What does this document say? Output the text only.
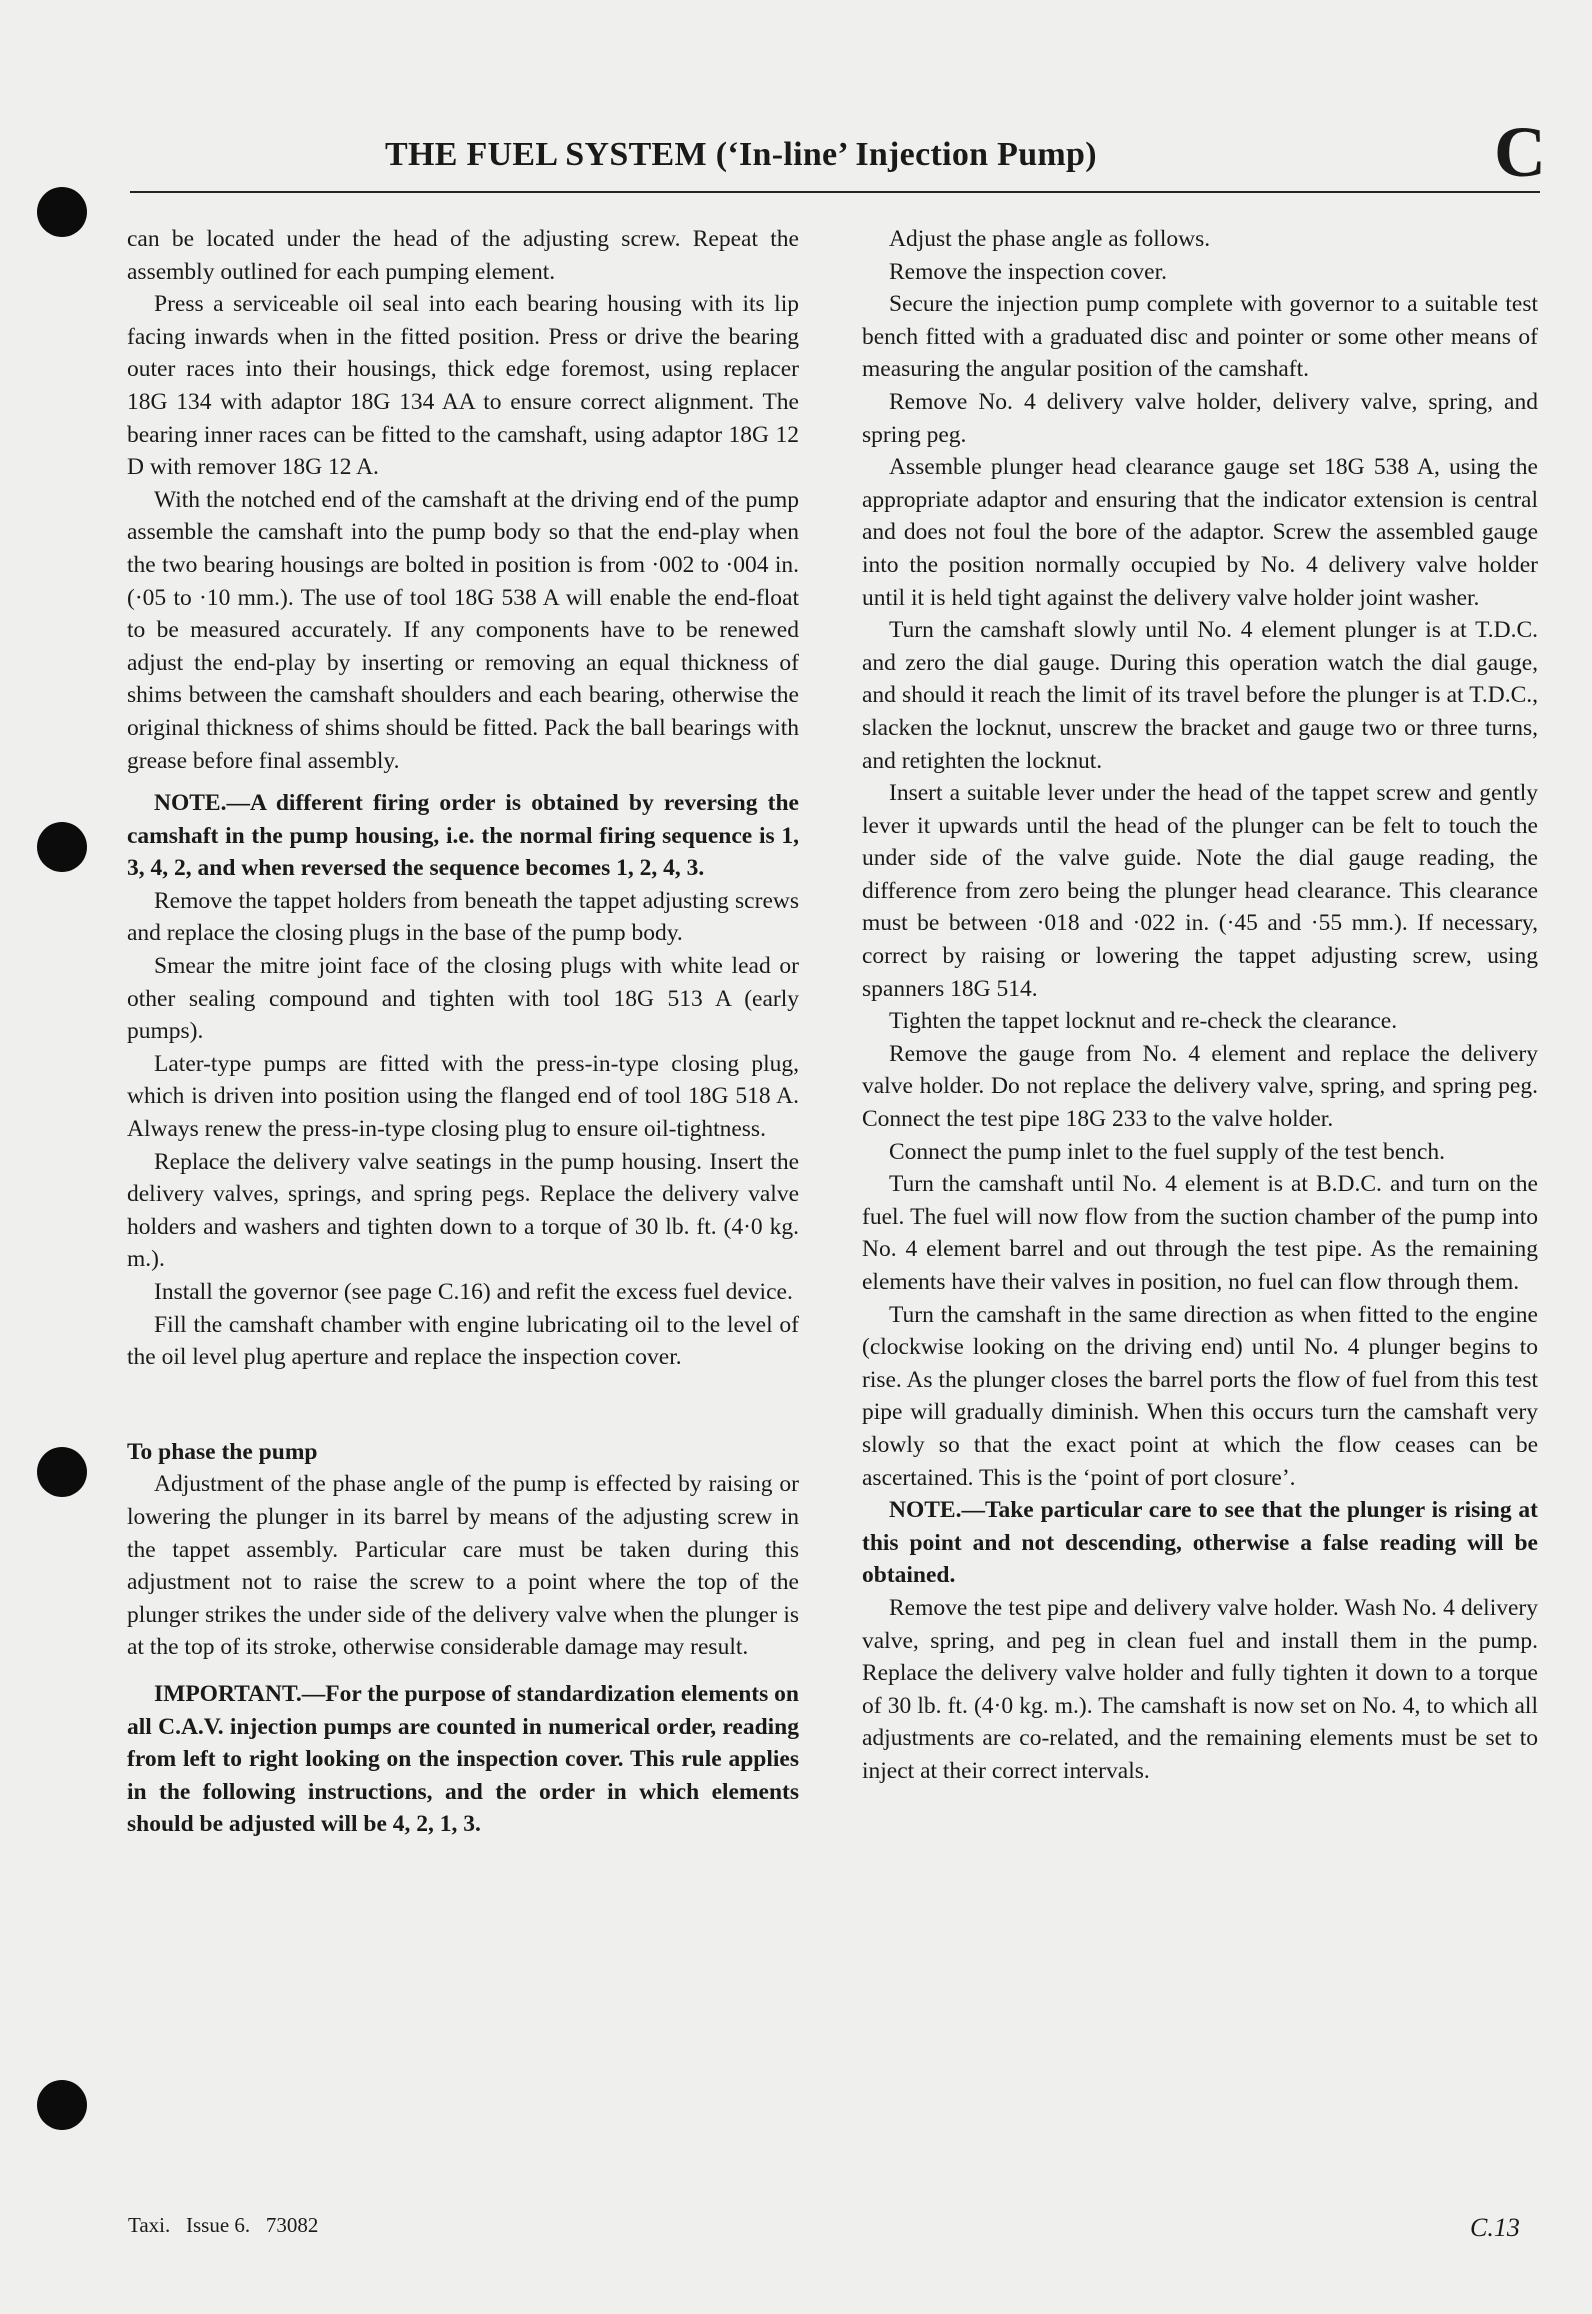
THE FUEL SYSTEM (‘In-line’ Injection Pump)	C

can be located under the head of the adjusting screw. Repeat the assembly outlined for each pumping element.

Press a serviceable oil seal into each bearing housing with its lip facing inwards when in the fitted position. Press or drive the bearing outer races into their housings, thick edge foremost, using replacer 18G 134 with adaptor 18G 134 AA to ensure correct alignment. The bearing inner races can be fitted to the camshaft, using adaptor 18G 12 D with remover 18G 12 A.

With the notched end of the camshaft at the driving end of the pump assemble the camshaft into the pump body so that the end-play when the two bearing housings are bolted in position is from ·002 to ·004 in. (·05 to ·10 mm.). The use of tool 18G 538 A will enable the end-float to be measured accurately. If any components have to be renewed adjust the end-play by inserting or removing an equal thickness of shims between the camshaft shoulders and each bearing, otherwise the original thickness of shims should be fitted. Pack the ball bearings with grease before final assembly.

NOTE.—A different firing order is obtained by reversing the camshaft in the pump housing, i.e. the normal firing sequence is 1, 3, 4, 2, and when reversed the sequence becomes 1, 2, 4, 3.

Remove the tappet holders from beneath the tappet adjusting screws and replace the closing plugs in the base of the pump body.

Smear the mitre joint face of the closing plugs with white lead or other sealing compound and tighten with tool 18G 513 A (early pumps).

Later-type pumps are fitted with the press-in-type closing plug, which is driven into position using the flanged end of tool 18G 518 A. Always renew the press-in-type closing plug to ensure oil-tightness.

Replace the delivery valve seatings in the pump housing. Insert the delivery valves, springs, and spring pegs. Replace the delivery valve holders and washers and tighten down to a torque of 30 lb. ft. (4·0 kg. m.).

Install the governor (see page C.16) and refit the excess fuel device.

Fill the camshaft chamber with engine lubricating oil to the level of the oil level plug aperture and replace the inspection cover.

To phase the pump

Adjustment of the phase angle of the pump is effected by raising or lowering the plunger in its barrel by means of the adjusting screw in the tappet assembly. Particular care must be taken during this adjustment not to raise the screw to a point where the top of the plunger strikes the under side of the delivery valve when the plunger is at the top of its stroke, otherwise considerable damage may result.

IMPORTANT.—For the purpose of standardization elements on all C.A.V. injection pumps are counted in numerical order, reading from left to right looking on the inspection cover. This rule applies in the following instructions, and the order in which elements should be adjusted will be 4, 2, 1, 3.

Adjust the phase angle as follows.

Remove the inspection cover.

Secure the injection pump complete with governor to a suitable test bench fitted with a graduated disc and pointer or some other means of measuring the angular position of the camshaft.

Remove No. 4 delivery valve holder, delivery valve, spring, and spring peg.

Assemble plunger head clearance gauge set 18G 538 A, using the appropriate adaptor and ensuring that the indicator extension is central and does not foul the bore of the adaptor. Screw the assembled gauge into the position normally occupied by No. 4 delivery valve holder until it is held tight against the delivery valve holder joint washer.

Turn the camshaft slowly until No. 4 element plunger is at T.D.C. and zero the dial gauge. During this operation watch the dial gauge, and should it reach the limit of its travel before the plunger is at T.D.C., slacken the locknut, unscrew the bracket and gauge two or three turns, and retighten the locknut.

Insert a suitable lever under the head of the tappet screw and gently lever it upwards until the head of the plunger can be felt to touch the under side of the valve guide. Note the dial gauge reading, the difference from zero being the plunger head clearance. This clearance must be between ·018 and ·022 in. (·45 and ·55 mm.). If necessary, correct by raising or lowering the tappet adjusting screw, using spanners 18G 514.

Tighten the tappet locknut and re-check the clearance.

Remove the gauge from No. 4 element and replace the delivery valve holder. Do not replace the delivery valve, spring, and spring peg. Connect the test pipe 18G 233 to the valve holder.

Connect the pump inlet to the fuel supply of the test bench.

Turn the camshaft until No. 4 element is at B.D.C. and turn on the fuel. The fuel will now flow from the suction chamber of the pump into No. 4 element barrel and out through the test pipe. As the remaining elements have their valves in position, no fuel can flow through them.

Turn the camshaft in the same direction as when fitted to the engine (clockwise looking on the driving end) until No. 4 plunger begins to rise. As the plunger closes the barrel ports the flow of fuel from this test pipe will gradually diminish. When this occurs turn the camshaft very slowly so that the exact point at which the flow ceases can be ascertained. This is the ‘point of port closure’.

NOTE.—Take particular care to see that the plunger is rising at this point and not descending, otherwise a false reading will be obtained.

Remove the test pipe and delivery valve holder. Wash No. 4 delivery valve, spring, and peg in clean fuel and install them in the pump. Replace the delivery valve holder and fully tighten it down to a torque of 30 lb. ft. (4·0 kg. m.). The camshaft is now set on No. 4, to which all adjustments are co-related, and the remaining elements must be set to inject at their correct intervals.

Taxi.   Issue 6.   73082	C.13
